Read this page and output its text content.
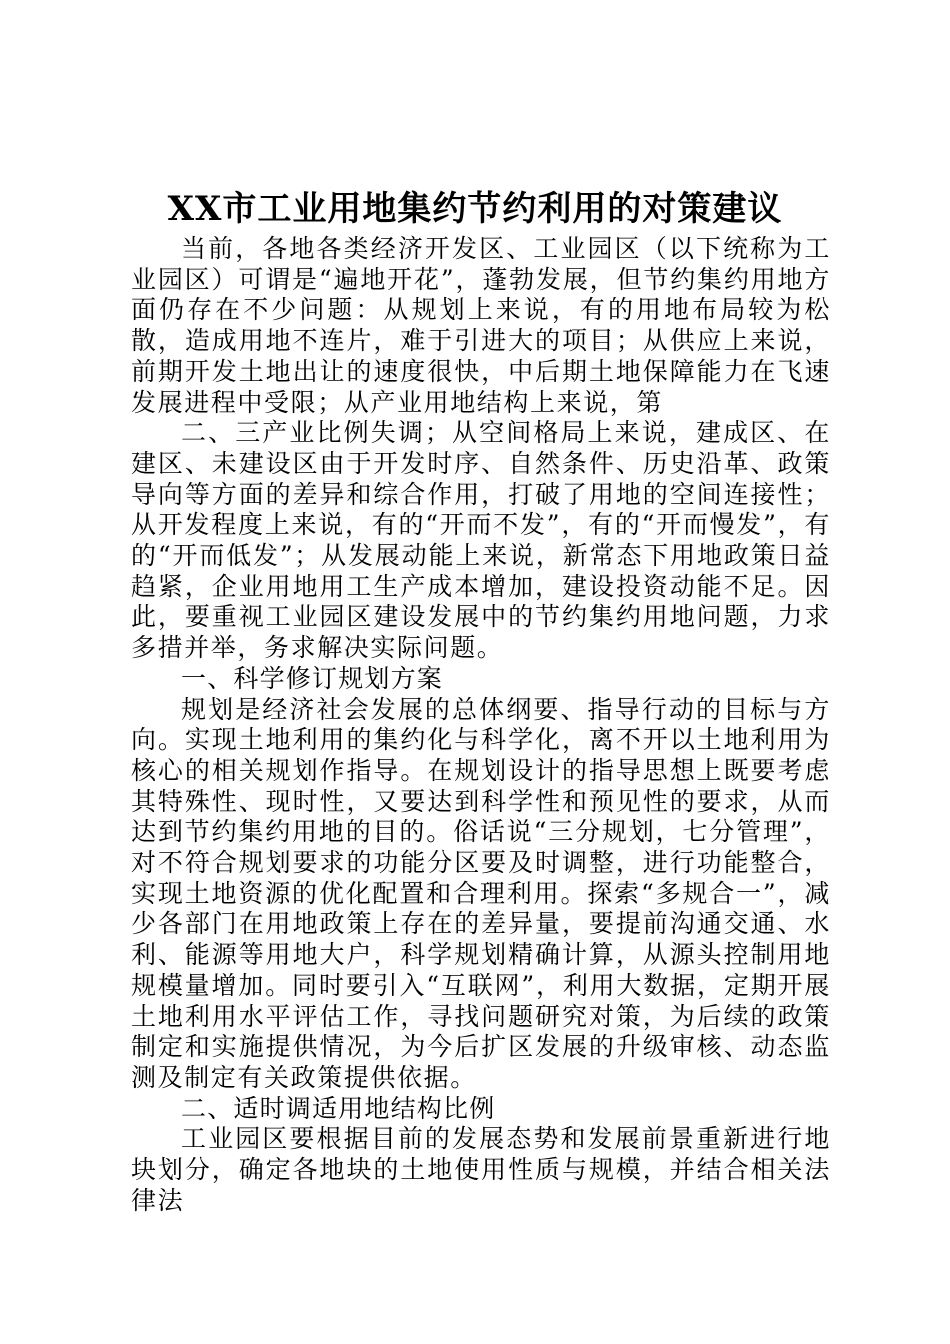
XX市工业用地集约节约利用的对策建议

当前，各地各类经济开发区、工业园区（以下统称为工业园区）可谓是“遍地开花”，蓬勃发展，但节约集约用地方面仍存在不少问题：从规划上来说，有的用地布局较为松散，造成用地不连片，难于引进大的项目；从供应上来说，前期开发土地出让的速度很快，中后期土地保障能力在飞速发展进程中受限；从产业用地结构上来说，第

二、三产业比例失调；从空间格局上来说，建成区、在建区、未建设区由于开发时序、自然条件、历史沿革、政策导向等方面的差异和综合作用，打破了用地的空间连接性；从开发程度上来说，有的“开而不发”，有的“开而慢发”，有的“开而低发”；从发展动能上来说，新常态下用地政策日益趋紧，企业用地用工生产成本增加，建设投资动能不足。因此，要重视工业园区建设发展中的节约集约用地问题，力求多措并举，务求解决实际问题。

一、科学修订规划方案

规划是经济社会发展的总体纲要、指导行动的目标与方向。实现土地利用的集约化与科学化，离不开以土地利用为核心的相关规划作指导。在规划设计的指导思想上既要考虑其特殊性、现时性，又要达到科学性和预见性的要求，从而达到节约集约用地的目的。俗话说“三分规划，七分管理”，对不符合规划要求的功能分区要及时调整，进行功能整合，实现土地资源的优化配置和合理利用。探索“多规合一”，减少各部门在用地政策上存在的差异量，要提前沟通交通、水利、能源等用地大户，科学规划精确计算，从源头控制用地规模量增加。同时要引入“互联网”，利用大数据，定期开展土地利用水平评估工作，寻找问题研究对策，为后续的政策制定和实施提供情况，为今后扩区发展的升级审核、动态监测及制定有关政策提供依据。

二、适时调适用地结构比例

工业园区要根据目前的发展态势和发展前景重新进行地块划分，确定各地块的土地使用性质与规模，并结合相关法律法
